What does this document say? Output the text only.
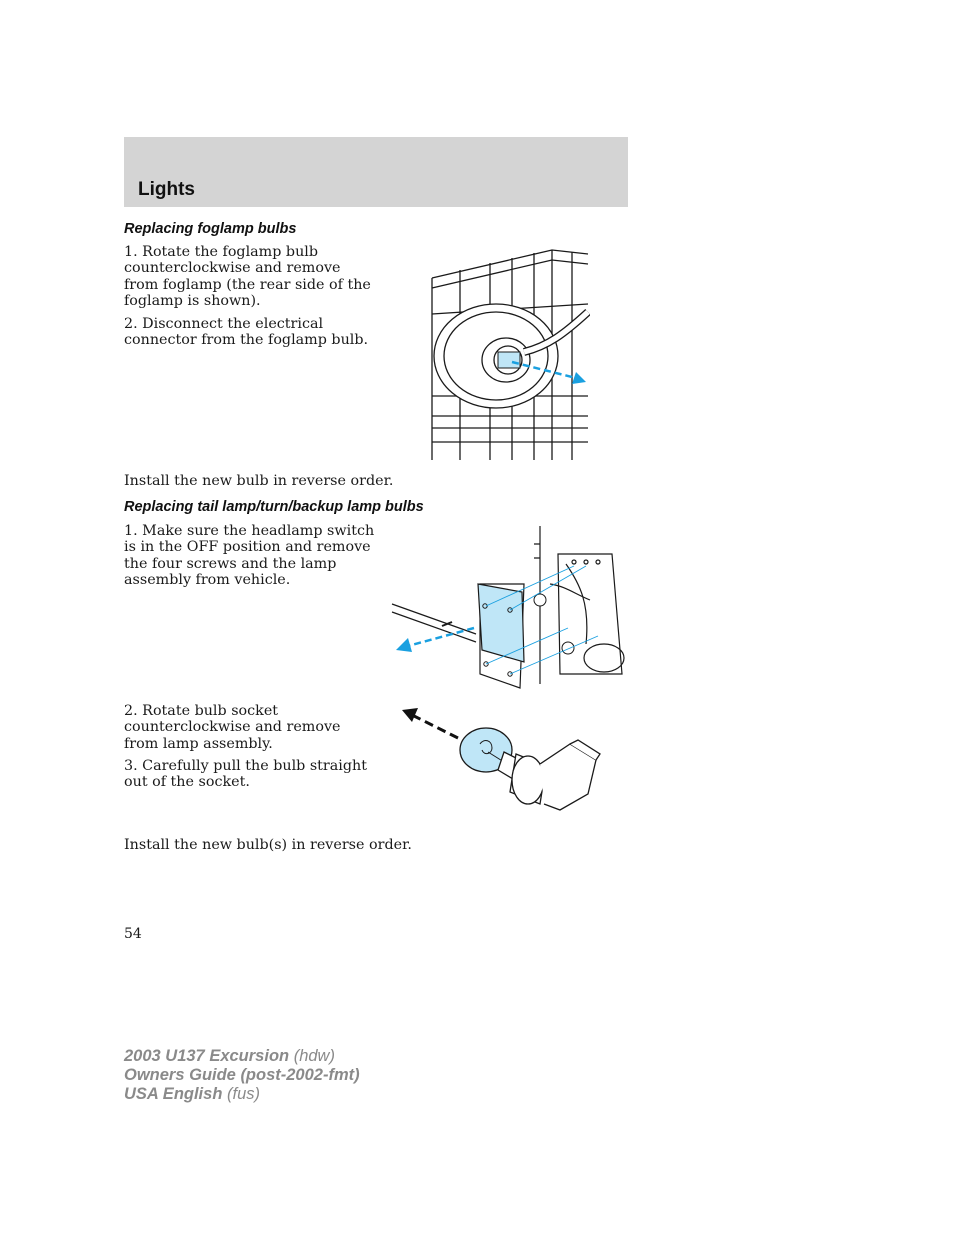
Lights
Replacing foglamp bulbs

1. Rotate the foglamp bulb counterclockwise and remove from foglamp (the rear side of the foglamp is shown).

2. Disconnect the electrical connector from the foglamp bulb.

Install the new bulb in reverse order.

Replacing tail lamp/turn/backup lamp bulbs

1. Make sure the headlamp switch is in the OFF position and remove the four screws and the lamp assembly from vehicle.

2. Rotate bulb socket counterclockwise and remove from lamp assembly.

3. Carefully pull the bulb straight out of the socket.

Install the new bulb(s) in reverse order.

54
2003 U137 Excursion (hdw)
Owners Guide (post-2002-fmt)
USA English (fus)
